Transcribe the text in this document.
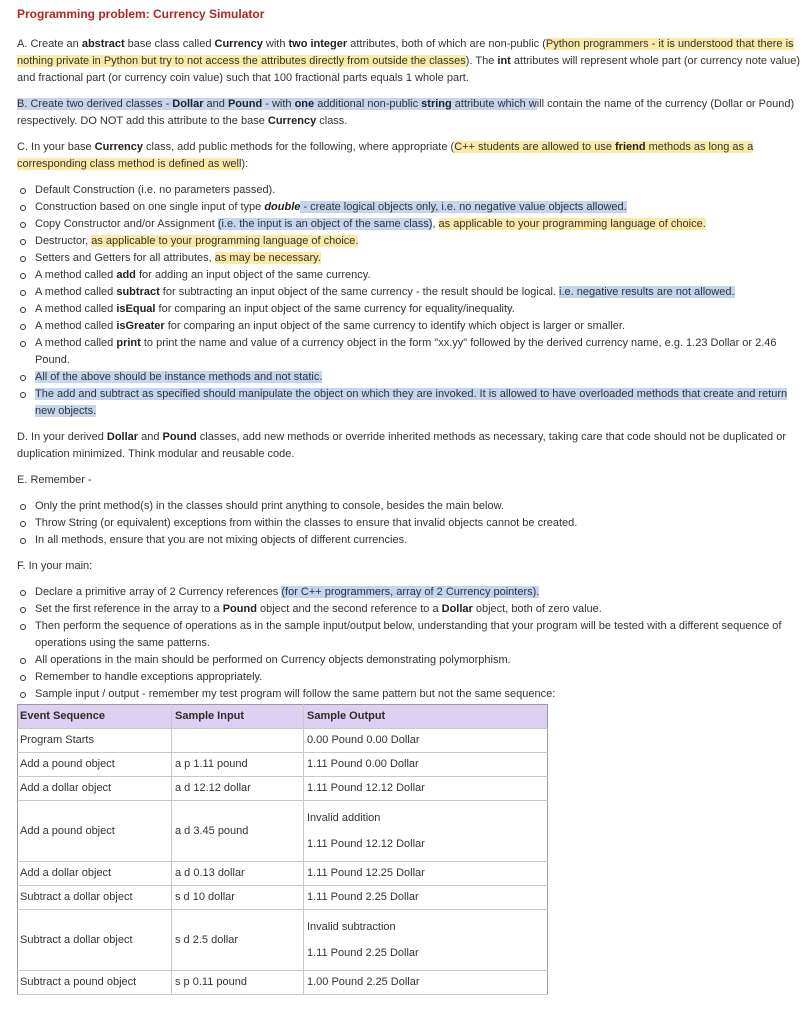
Programming problem: Currency Simulator

A. Create an abstract base class called Currency with two integer attributes, both of which are non-public (Python programmers - it is understood that there is nothing private in Python but try to not access the attributes directly from outside the classes). The int attributes will represent whole part (or currency note value) and fractional part (or currency coin value) such that 100 fractional parts equals 1 whole part.

B. Create two derived classes - Dollar and Pound - with one additional non-public string attribute which will contain the name of the currency (Dollar or Pound) respectively. DO NOT add this attribute to the base Currency class.

C. In your base Currency class, add public methods for the following, where appropriate (C++ students are allowed to use friend methods as long as a corresponding class method is defined as well):

Default Construction (i.e. no parameters passed).
Construction based on one single input of type double - create logical objects only, i.e. no negative value objects allowed.
Copy Constructor and/or Assignment (i.e. the input is an object of the same class), as applicable to your programming language of choice.
Destructor, as applicable to your programming language of choice.
Setters and Getters for all attributes, as may be necessary.
A method called add for adding an input object of the same currency.
A method called subtract for subtracting an input object of the same currency - the result should be logical. i.e. negative results are not allowed.
A method called isEqual for comparing an input object of the same currency for equality/inequality.
A method called isGreater for comparing an input object of the same currency to identify which object is larger or smaller.
A method called print to print the name and value of a currency object in the form "xx.yy" followed by the derived currency name, e.g. 1.23 Dollar or 2.46 Pound.
All of the above should be instance methods and not static.
The add and subtract as specified should manipulate the object on which they are invoked. It is allowed to have overloaded methods that create and return new objects.

D. In your derived Dollar and Pound classes, add new methods or override inherited methods as necessary, taking care that code should not be duplicated or duplication minimized. Think modular and reusable code.

E. Remember -

Only the print method(s) in the classes should print anything to console, besides the main below.
Throw String (or equivalent) exceptions from within the classes to ensure that invalid objects cannot be created.
In all methods, ensure that you are not mixing objects of different currencies.

F. In your main:

Declare a primitive array of 2 Currency references (for C++ programmers, array of 2 Currency pointers).
Set the first reference in the array to a Pound object and the second reference to a Dollar object, both of zero value.
Then perform the sequence of operations as in the sample input/output below, understanding that your program will be tested with a different sequence of operations using the same patterns.
All operations in the main should be performed on Currency objects demonstrating polymorphism.
Remember to handle exceptions appropriately.
Sample input / output - remember my test program will follow the same pattern but not the same sequence:
Event Sequence	Sample Input	Sample Output
Program Starts		0.00 Pound 0.00 Dollar
Add a pound object	a p 1.11 pound	1.11 Pound 0.00 Dollar
Add a dollar object	a d 12.12 dollar	1.11 Pound 12.12 Dollar
Add a pound object	a d 3.45 pound	Invalid addition
1.11 Pound 12.12 Dollar

Add a dollar object	a d 0.13 dollar	1.11 Pound 12.25 Dollar
Subtract a dollar object	s d 10 dollar	1.11 Pound 2.25 Dollar
Subtract a dollar object	s d 2.5 dollar	Invalid subtraction
1.11 Pound 2.25 Dollar

Subtract a pound object	s p 0.11 pound	1.00 Pound 2.25 Dollar
